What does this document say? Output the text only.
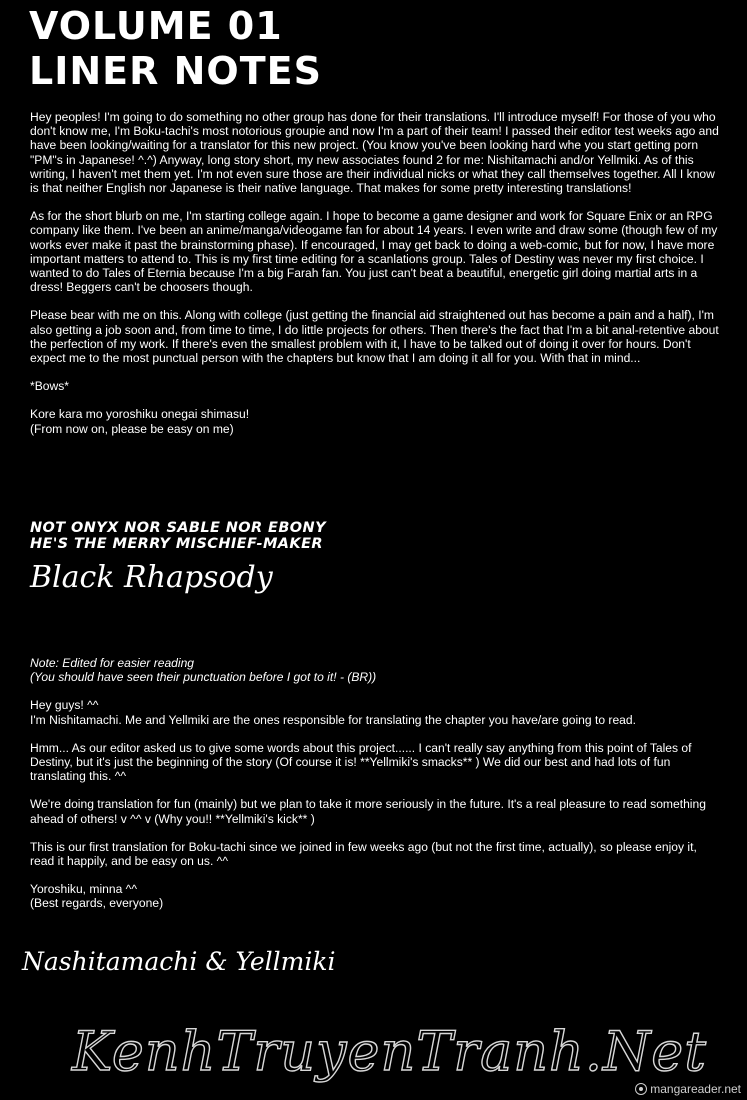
VOLUME 01
LINER NOTES

Hey peoples! I'm going to do something no other group has done for their translations. I'll introduce myself! For those of you who don't know me, I'm Boku-tachi's most notorious groupie and now I'm a part of their team! I passed their editor test weeks ago and have been looking/waiting for a translator for this new project. (You know you've been looking hard whe you start getting porn "PM"s in Japanese! ^.^) Anyway, long story short, my new associates found 2 for me: Nishitamachi and/or Yellmiki. As of this writing, I haven't met them yet. I'm not even sure those are their individual nicks or what they call themselves together. All I know is that neither English nor Japanese is their native language. That makes for some pretty interesting translations!

As for the short blurb on me, I'm starting college again. I hope to become a game designer and work for Square Enix or an RPG company like them. I've been an anime/manga/videogame fan for about 14 years. I even write and draw some (though few of my works ever make it past the brainstorming phase). If encouraged, I may get back to doing a web-comic, but for now, I have more important matters to attend to. This is my first time editing for a scanlations group. Tales of Destiny was never my first choice. I wanted to do Tales of Eternia because I'm a big Farah fan. You just can't beat a beautiful, energetic girl doing martial arts in a dress! Beggers can't be choosers though.

Please bear with me on this. Along with college (just getting the financial aid straightened out has become a pain and a half), I'm also getting a job soon and, from time to time, I do little projects for others. Then there's the fact that I'm a bit anal-retentive about the perfection of my work. If there's even the smallest problem with it, I have to be talked out of doing it over for hours. Don't expect me to the most punctual person with the chapters but know that I am doing it all for you. With that in mind...

*Bows*

Kore kara mo yoroshiku onegai shimasu!
(From now on, please be easy on me)

NOT ONYX NOR SABLE NOR EBONY
HE'S THE MERRY MISCHIEF-MAKER
Black Rhapsody

Note: Edited for easier reading
(You should have seen their punctuation before I got to it! - (BR))

Hey guys! ^^
I'm Nishitamachi. Me and Yellmiki are the ones responsible for translating the chapter you have/are going to read.

Hmm... As our editor asked us to give some words about this project...... I can't really say anything from this point of Tales of Destiny, but it's just the beginning of the story (Of course it is! **Yellmiki's smacks** ) We did our best and had lots of fun translating this. ^^

We're doing translation for fun (mainly) but we plan to take it more seriously in the future. It's a real pleasure to read something ahead of others! v ^^ v (Why you!! **Yellmiki's kick** )

This is our first translation for Boku-tachi since we joined in few weeks ago (but not the first time, actually), so please enjoy it, read it happily, and be easy on us. ^^

Yoroshiku, minna ^^
(Best regards, everyone)

Nashitamachi & Yellmiki
KenhTruyenTranh.Net
mangareader.net
